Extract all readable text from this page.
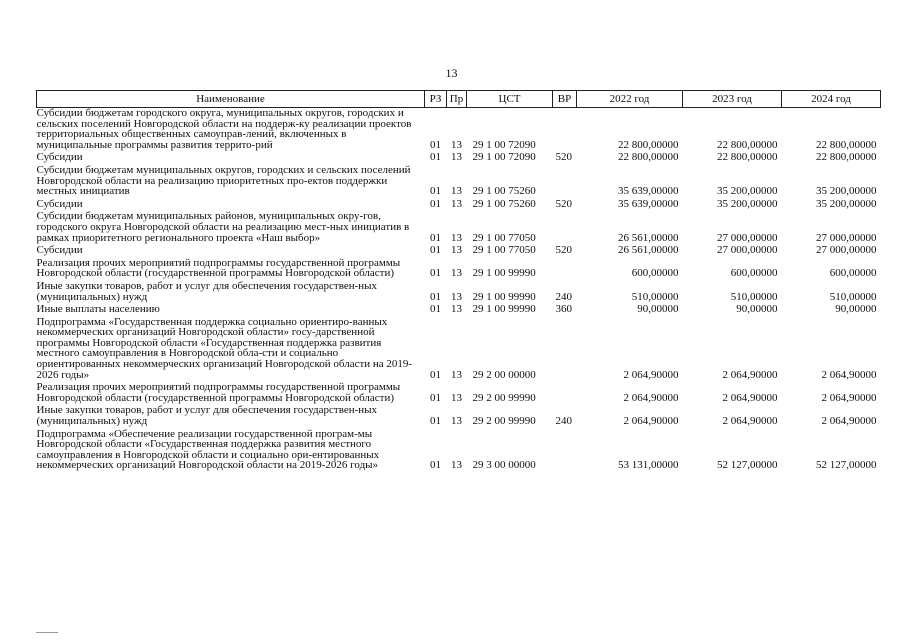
13
Наименование	РЗ	Пр	ЦСТ	ВР	2022 год	2023 год	2024 год
Субсидии бюджетам городского округа, муниципальных округов, городских и сельских поселений Новгородской области на поддерж-ку реализации проектов территориальных общественных самоуправ-лений, включенных в муниципальные программы развития террито-рий	01	13	29 1 00 72090		22 800,00000	22 800,00000	22 800,00000
Субсидии	01	13	29 1 00 72090	520	22 800,00000	22 800,00000	22 800,00000
Субсидии бюджетам муниципальных округов, городских и сельских поселений Новгородской области на реализацию приоритетных про-ектов поддержки местных инициатив	01	13	29 1 00 75260		35 639,00000	35 200,00000	35 200,00000
Субсидии	01	13	29 1 00 75260	520	35 639,00000	35 200,00000	35 200,00000
Субсидии бюджетам муниципальных районов, муниципальных окру-гов, городского округа Новгородской области на реализацию мест-ных инициатив в рамках приоритетного регионального проекта «Наш выбор»	01	13	29 1 00 77050		26 561,00000	27 000,00000	27 000,00000
Субсидии	01	13	29 1 00 77050	520	26 561,00000	27 000,00000	27 000,00000
Реализация прочих мероприятий подпрограммы государственной программы Новгородской области (государственной программы Новгородской области)	01	13	29 1 00 99990		600,00000	600,00000	600,00000
Иные закупки товаров, работ и услуг для обеспечения государствен-ных (муниципальных) нужд	01	13	29 1 00 99990	240	510,00000	510,00000	510,00000
Иные выплаты населению	01	13	29 1 00 99990	360	90,00000	90,00000	90,00000
Подпрограмма «Государственная поддержка социально ориентиро-ванных некоммерческих организаций Новгородской области» госу-дарственной программы Новгородской области «Государственная поддержка развития местного самоуправления в Новгородской обла-сти и социально ориентированных некоммерческих организаций Новгородской области на 2019-2026 годы»	01	13	29 2 00 00000		2 064,90000	2 064,90000	2 064,90000
Реализация прочих мероприятий подпрограммы государственной программы Новгородской области (государственной программы Новгородской области)	01	13	29 2 00 99990		2 064,90000	2 064,90000	2 064,90000
Иные закупки товаров, работ и услуг для обеспечения государствен-ных (муниципальных) нужд	01	13	29 2 00 99990	240	2 064,90000	2 064,90000	2 064,90000
Подпрограмма «Обеспечение реализации государственной програм-мы Новгородской области «Государственная поддержка развития местного самоуправления в Новгородской области и социально ори-ентированных некоммерческих организаций Новгородской области на 2019-2026 годы»	01	13	29 3 00 00000		53 131,00000	52 127,00000	52 127,00000
